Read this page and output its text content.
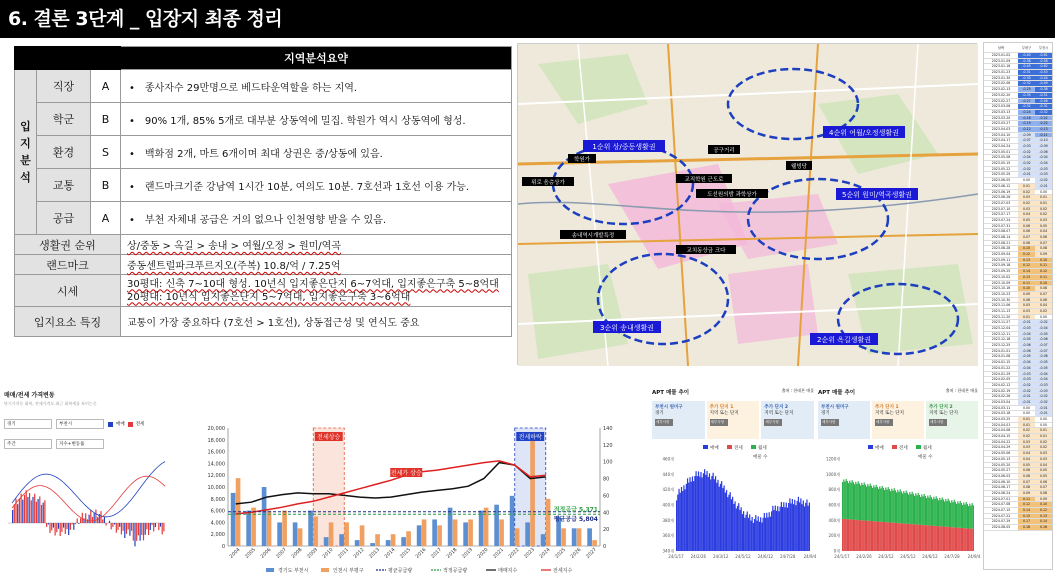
6. 결론 3단계 _ 입장지 최종 정리
			지역분석요약
입지분석	직장	A	• 종사자수 29만명으로 베드타운역할을 하는 지역.
	학군	B	• 90% 1개, 85% 5개로 대부분 상동역에 밀집. 학원가 역시 상동역에 형성.
	환경	S	• 백화점 2개, 마트 6개이며 최대 상권은 중/상동에 있음.
	교통	B	• 랜드마크기준 강남역 1시간 10분, 여의도 10분. 7호선과 1호선 이용 가능.
	공급	A	• 부천 자체내 공급은 거의 없으나 인천영향 받을 수 있음.
생활권 순위			상/중동 > 옥길 > 송내 > 여월/오정 > 원미/역곡
랜드마크			중동센트럴파크푸르지오(주복) 10.8/억 / 7.25억
시세			30평대: 신축 7~10대 형성. 10년식 입지좋은단지 6~7억대, 입지좋은구축 5~8억대
20평대: 10년식 입지좋은단지 5~7억대, 입지좋은구축 3~6억대

입지요소 특징			교통이 가장 중요하다 (7호선 > 1호선), 상동접근성 및 연식도 중요
1순위 상/중동생활권
2순위 옥길생활권
3순위 송내생활권
4순위 여월/오정생활권
5순위 원미/역곡생활권
학원가
공구거리
웰빙당
위로 음층상가	교직학원 근도로
도선원의밤 과학상가
송내역시개발특정
교치동상금 크다
날짜	부평구	부천시
2023-01-02	-0.40	-0.61
2023-01-09	-0.38	-0.58
2023-01-16	-0.45	-0.62
2023-01-23	-0.31	-0.53
2023-01-30	-0.30	-0.44
2023-02-06	-0.32	-0.49
2023-02-13	-0.25	-0.38
2023-02-20	-0.35	-0.51
2023-02-27	-0.27	-0.46
2023-03-06	-0.32	-0.31
2023-03-13	-0.24	-0.32
2023-03-20	-0.18	-0.22
2023-03-27	-0.19	-0.22
2023-04-03	-0.12	-0.13
2023-04-10	-0.09	-0.11
2023-04-17	-0.07	-0.10
2023-04-24	-0.03	-0.09
2023-05-01	-0.02	-0.06
2023-05-08	-0.04	-0.04
2023-05-15	-0.02	-0.04
2023-05-22	-0.02	-0.03
2023-05-29	-0.01	-0.03
2023-06-05	0.00	-0.02
2023-06-12	0.01	-0.01
2023-06-19	0.02	0.00
2023-06-26	0.03	0.01
2023-07-03	0.02	0.01
2023-07-10	0.03	0.02
2023-07-17	0.04	0.02
2023-07-24	0.05	0.03
2023-07-31	0.06	0.05
2023-08-07	0.06	0.04
2023-08-14	0.07	0.06
2023-08-21	0.08	0.07
2023-08-28	0.10	0.08
2023-09-04	0.12	0.09
2023-09-11	0.13	0.10
2023-09-18	0.12	0.11
2023-09-25	0.14	0.12
2023-10-02	0.13	0.11
2023-10-09	0.11	0.10
2023-10-16	0.10	0.08
2023-10-23	0.09	0.07
2023-10-30	0.08	0.06
2023-11-06	0.05	0.04
2023-11-13	0.03	0.02
2023-11-20	0.01	0.00
2023-11-27	-0.01	-0.02
2023-12-04	-0.03	-0.04
2023-12-11	-0.04	-0.05
2023-12-18	-0.05	-0.06
2023-12-25	-0.06	-0.07
2024-01-01	-0.06	-0.07
2024-01-08	-0.05	-0.06
2024-01-15	-0.04	-0.05
2024-01-22	-0.04	-0.05
2024-01-29	-0.03	-0.04
2024-02-05	-0.03	-0.04
2024-02-12	-0.02	-0.03
2024-02-19	-0.02	-0.03
2024-02-26	-0.01	-0.02
2024-03-04	-0.01	-0.02
2024-03-11	0.00	-0.01
2024-03-18	0.00	-0.01
2024-03-25	0.01	0.00
2024-04-01	0.01	0.00
2024-04-08	0.02	0.01
2024-04-15	0.02	0.01
2024-04-22	0.03	0.02
2024-04-29	0.03	0.02
2024-05-06	0.04	0.03
2024-05-13	0.04	0.03
2024-05-20	0.05	0.04
2024-05-27	0.06	0.05
2024-06-03	0.06	0.05
2024-06-10	0.07	0.06
2024-06-17	0.08	0.07
2024-06-24	0.09	0.08
2024-07-01	0.11	0.09
2024-07-08	0.12	0.10
2024-07-15	0.14	0.12
2024-07-22	0.15	0.13
2024-07-29	0.17	0.14
2024-08-05	0.18	0.16
매매/전세 가격변동
단기가격동 회복, 전세가격도 최근 회복세를 보이는중
경기	부천시	매매 전세
주간	지수+변동률
0
2,000
4,000
6,000
8,000
10,000
12,000
14,000
16,000
18,000
20,000
0
20
40
60
80
100
120
140
2004 2005 2006 2007 2008 2009 2010 2011 2012 2013 2014 2015 2016 2017 2018 2019 2020 2021 2022 2023 2024 2025 2026 2027
적정공급 5,371
평균공급 5,804
전세상승
전세가 상승
전세하락
경기도 부천시	인천시 부평구	평균공급량	적정공급량	매매지수	전세지수
APT 매물 추이	출처 : 한데본 매물
부천시 원미구
경기
세부사항
추가 단지 1
지역 또는 단지
세부사항
추가 단지 2
지역 또는 단지
세부사항
매매	전세	월세
매물 수
340개
360개
380개
400개
420개
440개
460개
24/1/17 24/2/26 24/3/12 24/5/12 24/6/12 24/7/28 24/9/4
APT 매물 추이	출처 : 한데본 매물
부천시 원미구
경기
세부사항
추가 단지 1
지역 또는 단지
세부사항
추가 단지 2
지역 또는 단지
세부사항
매매	전세	월세
매물 수
0개
200개
400개
600개
800개
1000개
1200개
24/1/17 24/2/26 24/3/12 24/5/12 24/6/12 24/7/28 24/9/4
